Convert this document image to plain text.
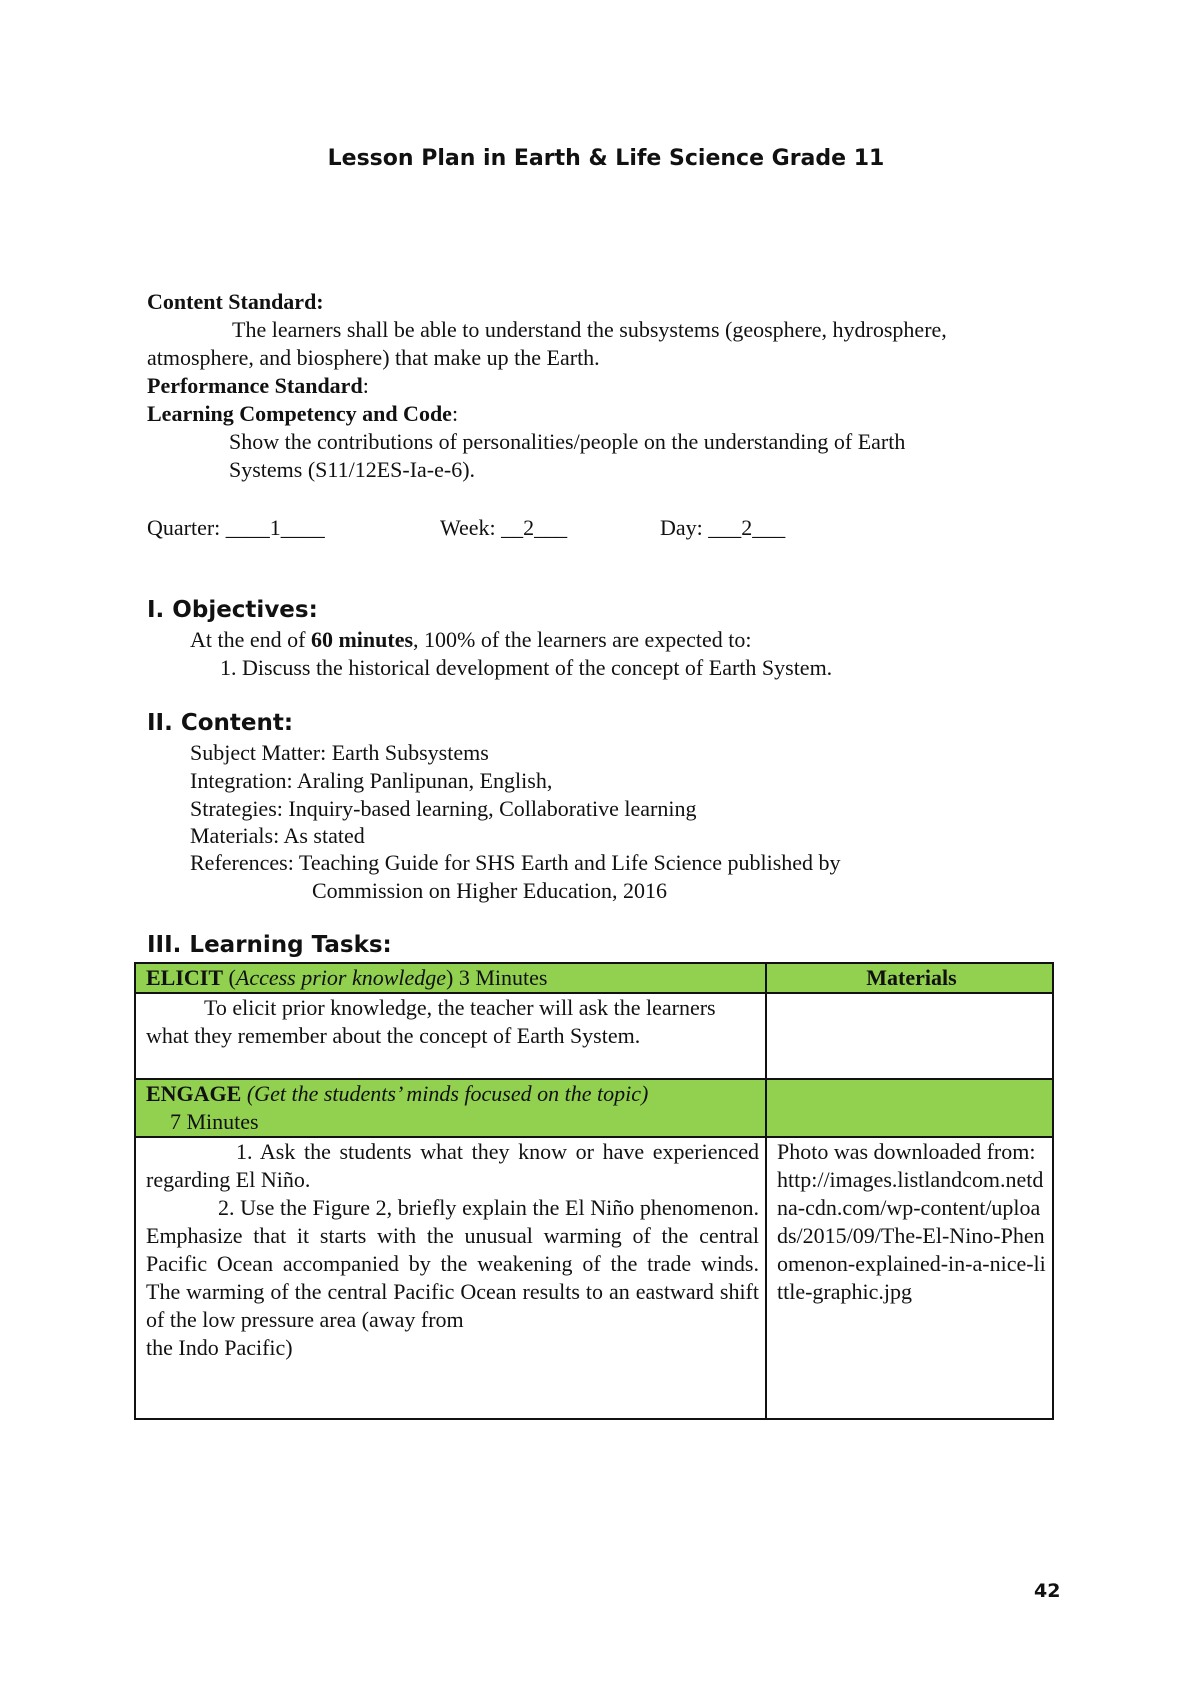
Lesson Plan in Earth & Life Science Grade 11
Content Standard:
The learners shall be able to understand the subsystems (geosphere, hydrosphere,
atmosphere, and biosphere) that make up the Earth.
Performance Standard:
Learning Competency and Code:
Show the contributions of personalities/people on the understanding of Earth
Systems (S11/12ES-Ia-e-6).
Quarter: ____1____	Week: __2___	Day: ___2___
I. Objectives:
At the end of 60 minutes, 100% of the learners are expected to:
1. Discuss the historical development of the concept of Earth System.
II. Content:
Subject Matter: Earth Subsystems
Integration: Araling Panlipunan, English,
Strategies: Inquiry-based learning, Collaborative learning
Materials: As stated
References: Teaching Guide for SHS Earth and Life Science published by
Commission on Higher Education, 2016
III. Learning Tasks:
ELICIT (Access prior knowledge) 3 Minutes	Materials

To elicit prior knowledge, the teacher will ask the learners what they remember about the concept of Earth System.	

ENGAGE (Get the students’ minds focused on the topic)
7 Minutes	

1. Ask the students what they know or have experienced regarding El Niño.
2. Use the Figure 2, briefly explain the El Niño phenomenon. Emphasize that it starts with the unusual warming of the central Pacific Ocean accompanied by the weakening of the trade winds. The warming of the central Pacific Ocean results to an eastward shift of the low pressure area (away from
the Indo Pacific)	Photo was downloaded from: http://images.listlandcom.netdna-cdn.com/wp-content/uploads/2015/09/The-El-Nino-Phenomenon-explained-in-a-nice-little-graphic.jpg
42
